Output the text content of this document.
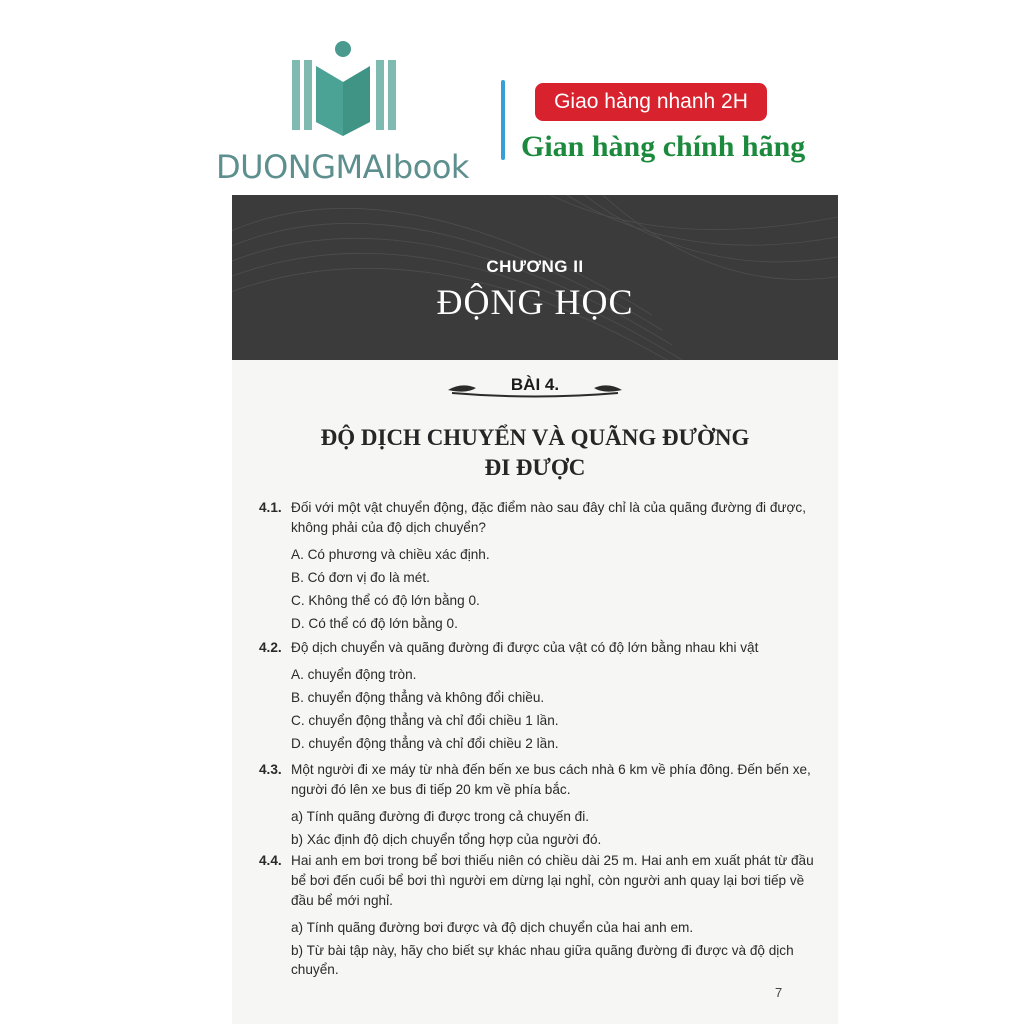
DUONGMAIbook
Giao hàng nhanh 2H
Gian hàng chính hãng
CHƯƠNG II
ĐỘNG HỌC
BÀI 4.
ĐỘ DỊCH CHUYỂN VÀ QUÃNG ĐƯỜNG
ĐI ĐƯỢC
4.1. Đối với một vật chuyển động, đặc điểm nào sau đây chỉ là của quãng đường đi được, không phải của độ dịch chuyển?
A. Có phương và chiều xác định.
B. Có đơn vị đo là mét.
C. Không thể có độ lớn bằng 0.
D. Có thể có độ lớn bằng 0.
4.2. Độ dịch chuyển và quãng đường đi được của vật có độ lớn bằng nhau khi vật
A. chuyển động tròn.
B. chuyển động thẳng và không đổi chiều.
C. chuyển động thẳng và chỉ đổi chiều 1 lần.
D. chuyển động thẳng và chỉ đổi chiều 2 lần.
4.3. Một người đi xe máy từ nhà đến bến xe bus cách nhà 6 km về phía đông. Đến bến xe, người đó lên xe bus đi tiếp 20 km về phía bắc.
a) Tính quãng đường đi được trong cả chuyến đi.
b) Xác định độ dịch chuyển tổng hợp của người đó.
4.4. Hai anh em bơi trong bể bơi thiếu niên có chiều dài 25 m. Hai anh em xuất phát từ đầu bể bơi đến cuối bể bơi thì người em dừng lại nghỉ, còn người anh quay lại bơi tiếp về đầu bể mới nghỉ.
a) Tính quãng đường bơi được và độ dịch chuyển của hai anh em.
b) Từ bài tập này, hãy cho biết sự khác nhau giữa quãng đường đi được và độ dịch chuyển.
7
